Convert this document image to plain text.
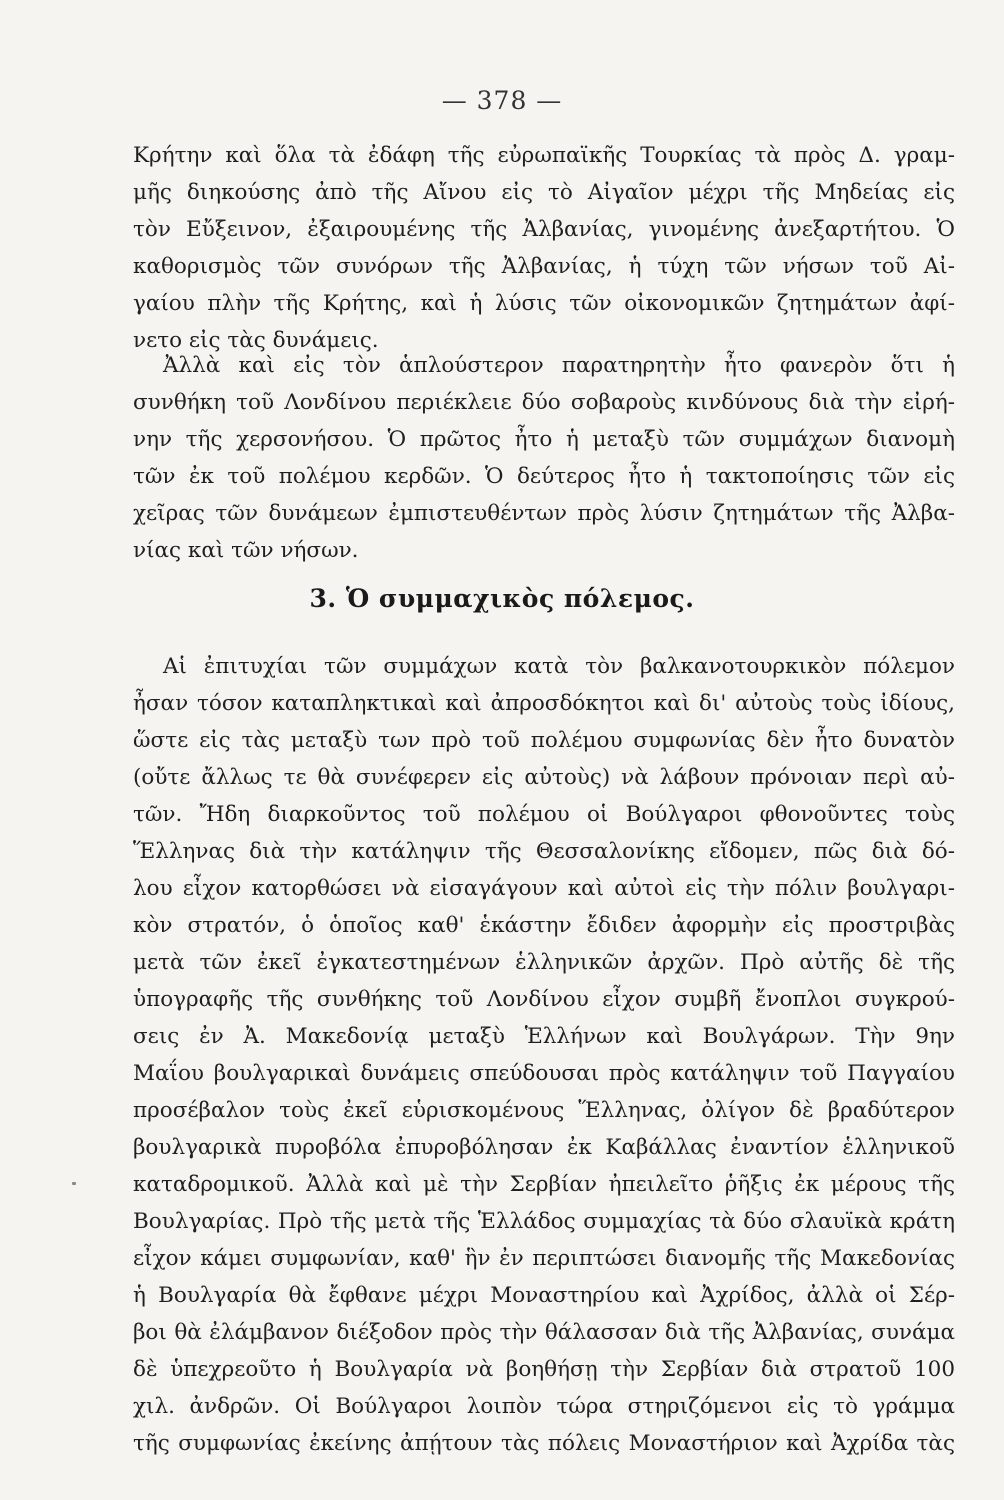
— 378 —
Κρήτην καὶ ὅλα τὰ ἐδάφη τῆς εὐρωπαϊκῆς Τουρκίας τὰ πρὸς Δ. γραμ-
μῆς διηκούσης ἀπὸ τῆς Αἴνου εἰς τὸ Αἰγαῖον μέχρι τῆς Μηδείας εἰς
τὸν Εὔξεινον, ἐξαιρουμένης τῆς Ἀλβανίας, γινομένης ἀνεξαρτήτου. Ὁ
καθορισμὸς τῶν συνόρων τῆς Ἀλβανίας, ἡ τύχη τῶν νήσων τοῦ Αἰ-
γαίου πλὴν τῆς Κρήτης, καὶ ἡ λύσις τῶν οἰκονομικῶν ζητημάτων ἀφί-
νετο εἰς τὰς δυνάμεις.
Ἀλλὰ καὶ εἰς τὸν ἁπλούστερον παρατηρητὴν ἦτο φανερὸν ὅτι ἡ
συνθήκη τοῦ Λονδίνου περιέκλειε δύο σοβαροὺς κινδύνους διὰ τὴν εἰρή-
νην τῆς χερσονήσου. Ὁ πρῶτος ἦτο ἡ μεταξὺ τῶν συμμάχων διανομὴ
τῶν ἐκ τοῦ πολέμου κερδῶν. Ὁ δεύτερος ἦτο ἡ τακτοποίησις τῶν εἰς
χεῖρας τῶν δυνάμεων ἐμπιστευθέντων πρὸς λύσιν ζητημάτων τῆς Ἀλβα-
νίας καὶ τῶν νήσων.
3. Ὁ συμμαχικὸς πόλεμος.
Αἱ ἐπιτυχίαι τῶν συμμάχων κατὰ τὸν βαλκανοτουρκικὸν πόλεμον
ἦσαν τόσον καταπληκτικαὶ καὶ ἀπροσδόκητοι καὶ δι' αὐτοὺς τοὺς ἰδίους,
ὥστε εἰς τὰς μεταξὺ των πρὸ τοῦ πολέμου συμφωνίας δὲν ἦτο δυνατὸν
(οὔτε ἄλλως τε θὰ συνέφερεν εἰς αὐτοὺς) νὰ λάβουν πρόνοιαν περὶ αὐ-
τῶν. Ἤδη διαρκοῦντος τοῦ πολέμου οἱ Βούλγαροι φθονοῦντες τοὺς
Ἕλληνας διὰ τὴν κατάληψιν τῆς Θεσσαλονίκης εἴδομεν, πῶς διὰ δό-
λου εἶχον κατορθώσει νὰ εἰσαγάγουν καὶ αὐτοὶ εἰς τὴν πόλιν βουλγαρι-
κὸν στρατόν, ὁ ὁποῖος καθ' ἑκάστην ἔδιδεν ἀφορμὴν εἰς προστριβὰς
μετὰ τῶν ἐκεῖ ἐγκατεστημένων ἑλληνικῶν ἀρχῶν. Πρὸ αὐτῆς δὲ τῆς
ὑπογραφῆς τῆς συνθήκης τοῦ Λονδίνου εἶχον συμβῆ ἔνοπλοι συγκρού-
σεις ἐν Ἀ. Μακεδονίᾳ μεταξὺ Ἑλλήνων καὶ Βουλγάρων. Τὴν 9ην
Μαΐου βουλγαρικαὶ δυνάμεις σπεύδουσαι πρὸς κατάληψιν τοῦ Παγγαίου
προσέβαλον τοὺς ἐκεῖ εὑρισκομένους Ἕλληνας, ὀλίγον δὲ βραδύτερον
βουλγαρικὰ πυροβόλα ἐπυροβόλησαν ἐκ Καβάλλας ἐναντίον ἑλληνικοῦ
καταδρομικοῦ. Ἀλλὰ καὶ μὲ τὴν Σερβίαν ἠπειλεῖτο ῥῆξις ἐκ μέρους τῆς
Βουλγαρίας. Πρὸ τῆς μετὰ τῆς Ἑλλάδος συμμαχίας τὰ δύο σλαυϊκὰ κράτη
εἶχον κάμει συμφωνίαν, καθ' ἣν ἐν περιπτώσει διανομῆς τῆς Μακεδονίας
ἡ Βουλγαρία θὰ ἔφθανε μέχρι Μοναστηρίου καὶ Ἀχρίδος, ἀλλὰ οἱ Σέρ-
βοι θὰ ἐλάμβανον διέξοδον πρὸς τὴν θάλασσαν διὰ τῆς Ἀλβανίας, συνάμα
δὲ ὑπεχρεοῦτο ἡ Βουλγαρία νὰ βοηθήσῃ τὴν Σερβίαν διὰ στρατοῦ 100
χιλ. ἀνδρῶν. Οἱ Βούλγαροι λοιπὸν τώρα στηριζόμενοι εἰς τὸ γράμμα
τῆς συμφωνίας ἐκείνης ἀπῄτουν τὰς πόλεις Μοναστήριον καὶ Ἀχρίδα τὰς
